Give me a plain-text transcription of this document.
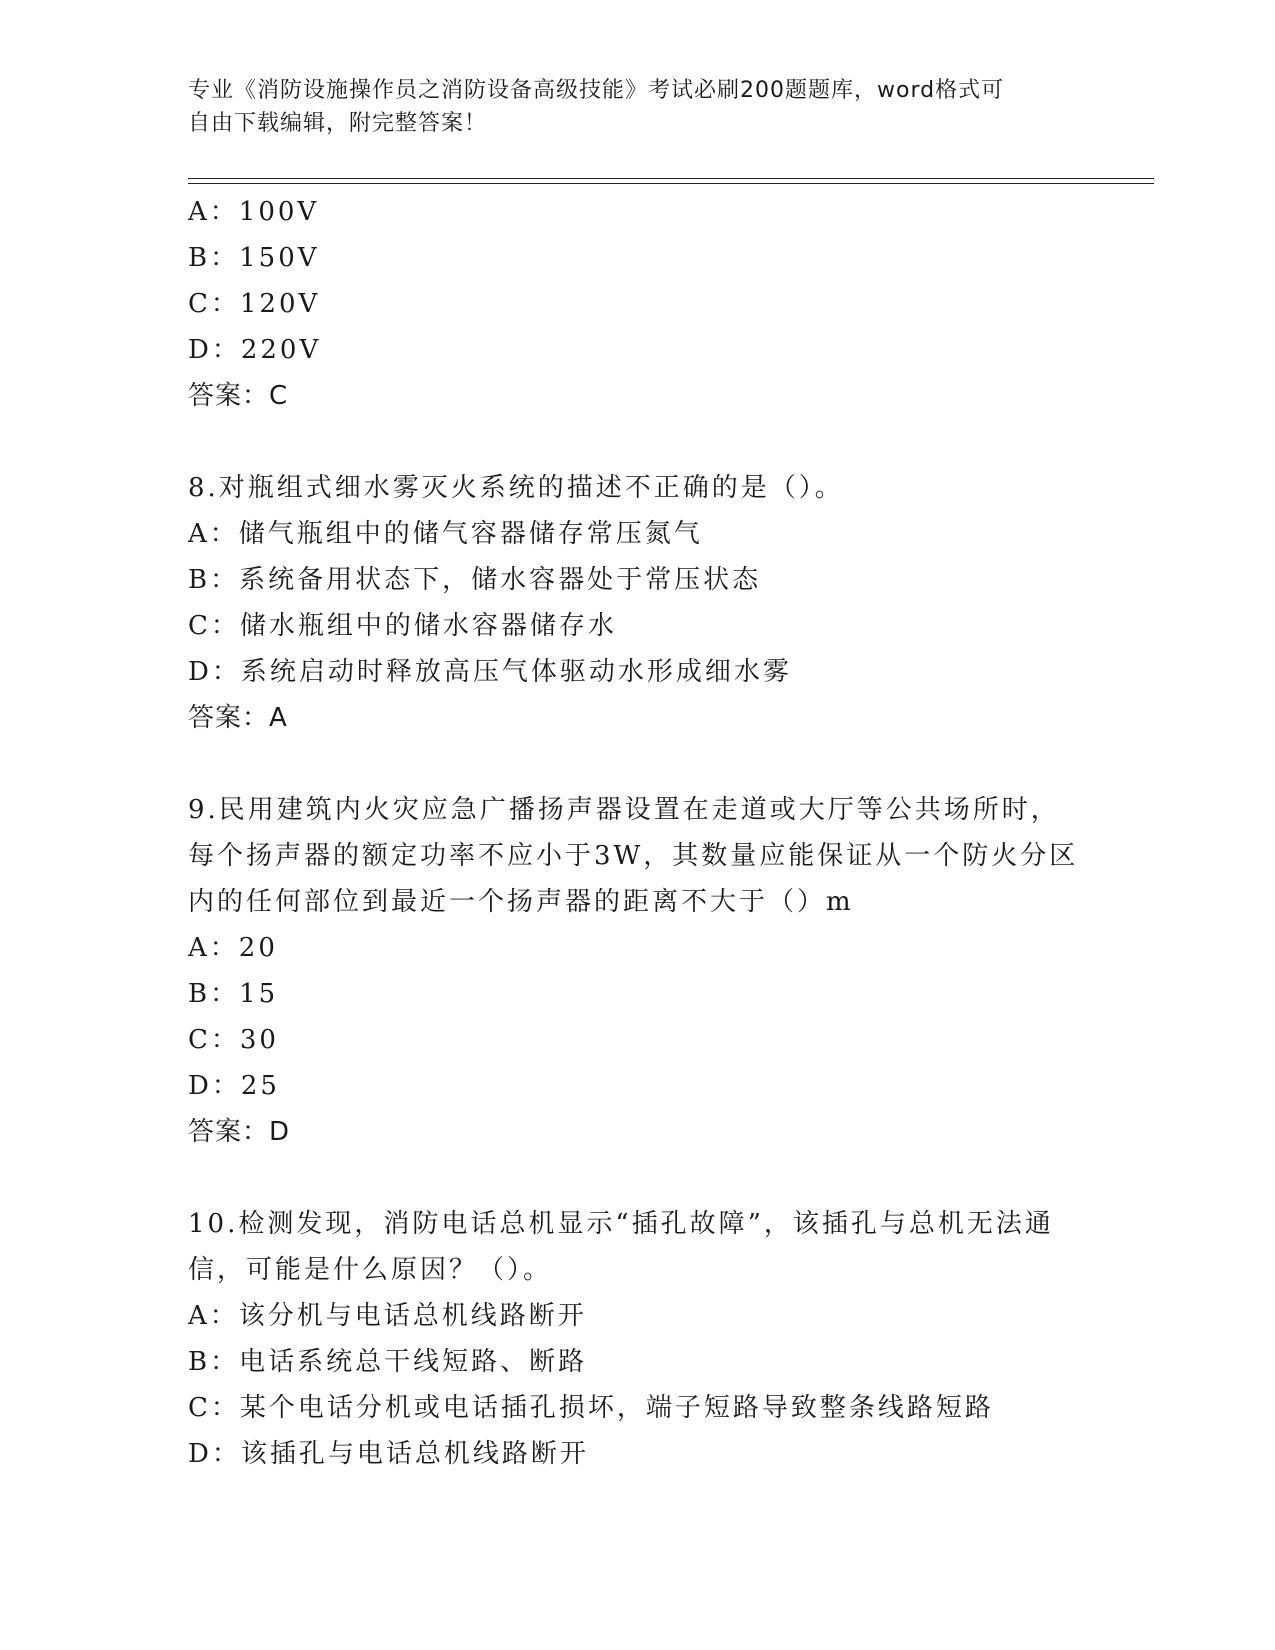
专业《消防设施操作员之消防设备高级技能》考试必刷200题题库，word格式可
自由下载编辑，附完整答案！
A：100V
B：150V
C：120V
D：220V
答案：C
8.对瓶组式细水雾灭火系统的描述不正确的是（）。
A：储气瓶组中的储气容器储存常压氮气
B：系统备用状态下，储水容器处于常压状态
C：储水瓶组中的储水容器储存水
D：系统启动时释放高压气体驱动水形成细水雾
答案：A
9.民用建筑内火灾应急广播扬声器设置在走道或大厅等公共场所时，
每个扬声器的额定功率不应小于3W，其数量应能保证从一个防火分区
内的任何部位到最近一个扬声器的距离不大于（）m
A：20
B：15
C：30
D：25
答案：D
10.检测发现，消防电话总机显示“插孔故障”，该插孔与总机无法通
信，可能是什么原因？（）。
A：该分机与电话总机线路断开
B：电话系统总干线短路、断路
C：某个电话分机或电话插孔损坏，端子短路导致整条线路短路
D：该插孔与电话总机线路断开
